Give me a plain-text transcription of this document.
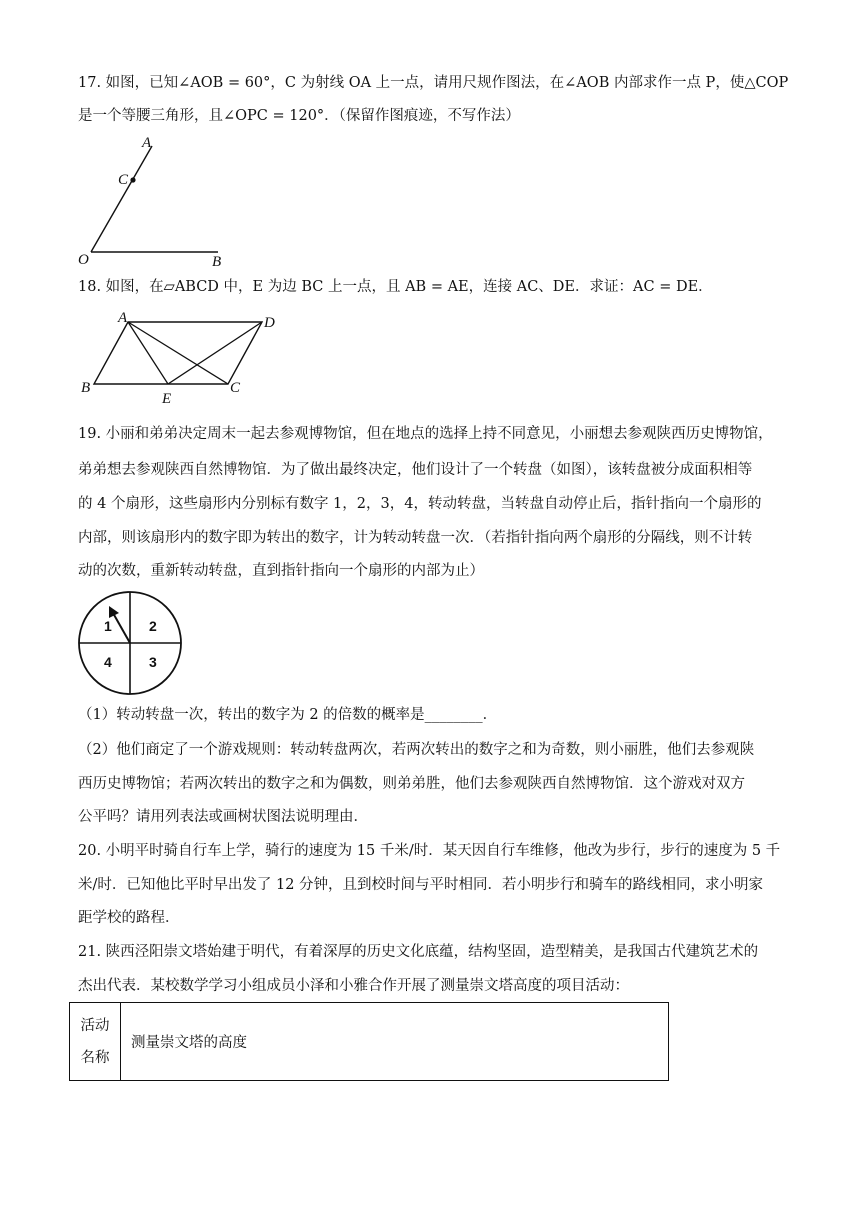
17. 如图，已知∠AOB = 60°，C 为射线 OA 上一点，请用尺规作图法，在∠AOB 内部求作一点 P，使△COP
是一个等腰三角形，且∠OPC = 120°．（保留作图痕迹，不写作法）
A
C
O	B
18. 如图，在▱ABCD 中，E 为边 BC 上一点，且 AB = AE，连接 AC、DE．求证：AC = DE．
A	D
B
E
C
19. 小丽和弟弟决定周末一起去参观博物馆，但在地点的选择上持不同意见，小丽想去参观陕西历史博物馆，
弟弟想去参观陕西自然博物馆．为了做出最终决定，他们设计了一个转盘（如图），该转盘被分成面积相等
的 4 个扇形，这些扇形内分别标有数字 1，2，3，4，转动转盘，当转盘自动停止后，指针指向一个扇形的
内部，则该扇形内的数字即为转出的数字，计为转动转盘一次．（若指针指向两个扇形的分隔线，则不计转
动的次数，重新转动转盘，直到指针指向一个扇形的内部为止）
1	2
3
4
（1）转动转盘一次，转出的数字为 2 的倍数的概率是________．
（2）他们商定了一个游戏规则：转动转盘两次，若两次转出的数字之和为奇数，则小丽胜，他们去参观陕
西历史博物馆；若两次转出的数字之和为偶数，则弟弟胜，他们去参观陕西自然博物馆．这个游戏对双方
公平吗？请用列表法或画树状图法说明理由．
20. 小明平时骑自行车上学，骑行的速度为 15 千米/时．某天因自行车维修，他改为步行，步行的速度为 5 千
米/时．已知他比平时早出发了 12 分钟，且到校时间与平时相同．若小明步行和骑车的路线相同，求小明家
距学校的路程．
21. 陕西泾阳崇文塔始建于明代，有着深厚的历史文化底蕴，结构坚固，造型精美，是我国古代建筑艺术的
杰出代表．某校数学学习小组成员小泽和小雅合作开展了测量崇文塔高度的项目活动：
活动
名称
	测量崇文塔的高度
